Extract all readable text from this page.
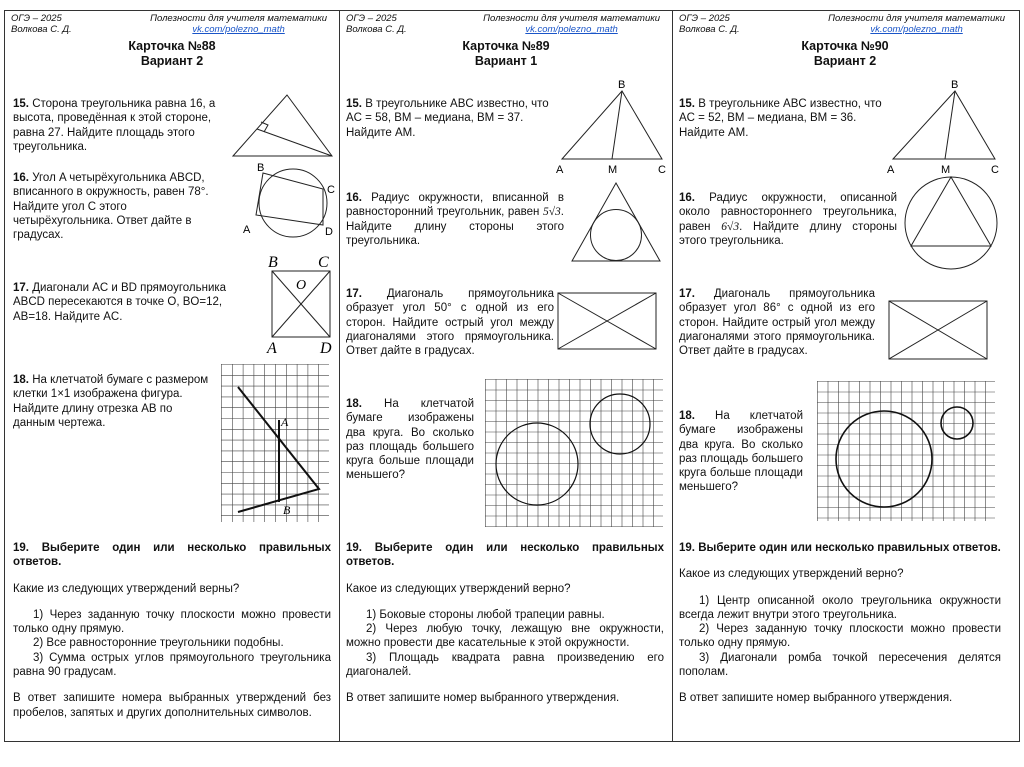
ОГЭ – 2025
Волкова С. Д.
Полезности для учителя математики
vk.com/polezno_math
Карточка №88
Вариант 2
15. Сторона треугольника равна 16, а высота, проведённая к этой стороне, равна 27. Найдите площадь этого треугольника.
16. Угол A четырёхугольника ABCD, вписанного в окружность, равен 78°. Найдите угол C этого четырёхугольника. Ответ дайте в градусах.
B
C
D
A
17. Диагонали AC и BD прямоугольника ABCD пересекаются в точке O, BO=12, AB=18. Найдите AC.
B	C
O
A	D
18. На клетчатой бумаге с размером клетки 1×1 изображена фигура. Найдите длину отрезка AB по данным чертежа.	A
B

19. Выберите один или несколько правильных ответов.

Какие из следующих утверждений верны?

1) Через заданную точку плоскости можно провести только одну прямую.

2) Все равносторонние треугольники подобны.

3) Сумма острых углов прямоугольного треугольника равна 90 градусам.

В ответ запишите номера выбранных утверждений без пробелов, запятых и других дополнительных символов.

ОГЭ – 2025
Волкова С. Д.
Полезности для учителя математики
vk.com/polezno_math
Карточка №89
Вариант 1
15. В треугольнике ABC известно, что AC = 58, BM – медиана, BM = 37. Найдите AM.
B
A	M	C
16. Радиус окружности, вписанной в равносторонний треугольник, равен 5√3. Найдите длину стороны этого треугольника.
17. Диагональ прямоугольника образует угол 50° с одной из его сторон. Найдите острый угол между диагоналями этого прямоугольника. Ответ дайте в градусах.
18. На клетчатой бумаге изображены два круга. Во сколько раз площадь большего круга больше площади меньшего?

19. Выберите один или несколько правильных ответов.

Какое из следующих утверждений верно?

1) Боковые стороны любой трапеции равны.

2) Через любую точку, лежащую вне окружности, можно провести две касательные к этой окружности.

3) Площадь квадрата равна произведению его диагоналей.

В ответ запишите номер выбранного утверждения.

ОГЭ – 2025
Волкова С. Д.
Полезности для учителя математики
vk.com/polezno_math
Карточка №90
Вариант 2
15. В треугольнике ABC известно, что AC = 52, BM – медиана, BM = 36. Найдите AM.
B
A	M	C
16. Радиус окружности, описанной около равностороннего треугольника, равен 6√3. Найдите длину стороны этого треугольника.
17. Диагональ прямоугольника образует угол 86° с одной из его сторон. Найдите острый угол между диагоналями этого прямоугольника. Ответ дайте в градусах.
18. На клетчатой бумаге изображены два круга. Во сколько раз площадь большего круга больше площади меньшего?

19. Выберите один или несколько правильных ответов.

Какое из следующих утверждений верно?

1) Центр описанной около треугольника окружности всегда лежит внутри этого треугольника.

2) Через заданную точку плоскости можно провести только одну прямую.

3) Диагонали ромба точкой пересечения делятся пополам.

В ответ запишите номер выбранного утверждения.
